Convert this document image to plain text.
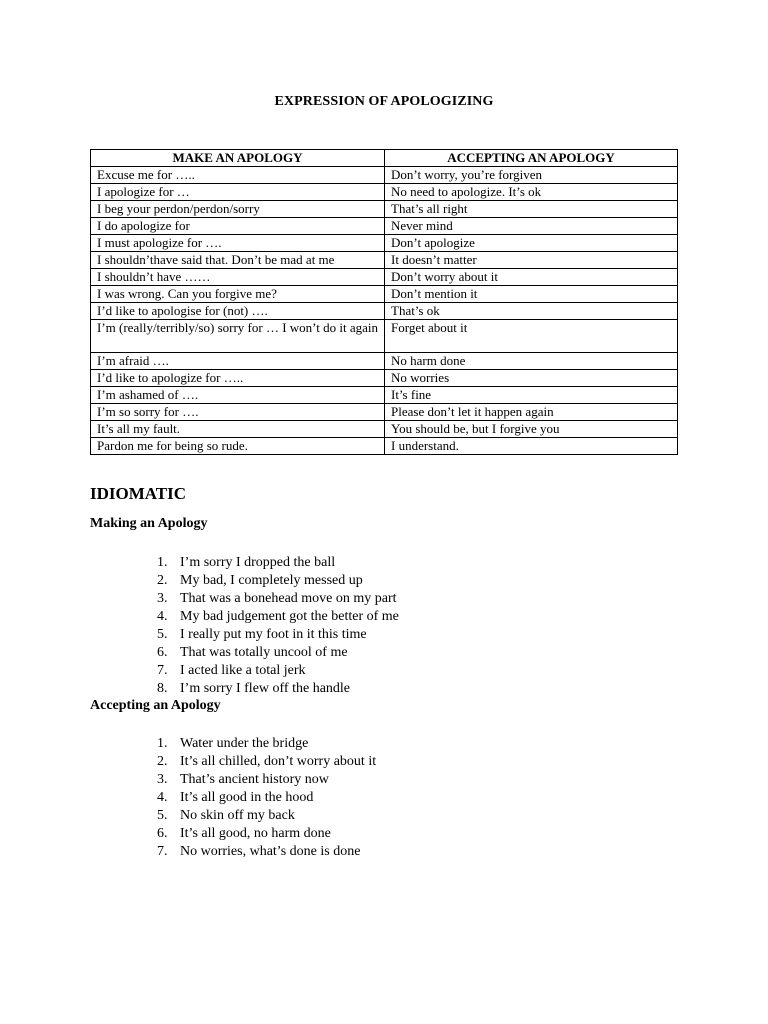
EXPRESSION OF APOLOGIZING
MAKE AN APOLOGY	ACCEPTING AN APOLOGY
Excuse me for …..	Don’t worry, you’re forgiven
I apologize for …	No need to apologize. It’s ok
I beg your perdon/perdon/sorry	That’s all right
I do apologize for	Never mind
I must apologize for ….	Don’t apologize
I shouldn’thave said that. Don’t be mad at me	It doesn’t matter
I shouldn’t have ……	Don’t worry about it
I was wrong. Can you forgive me?	Don’t mention it
I’d like to apologise for (not) ….	That’s ok
I’m (really/terribly/so) sorry for … I won’t do it again	Forget about it
I’m afraid ….	No harm done
I’d like to apologize for …..	No worries
I’m ashamed of ….	It’s fine
I’m so sorry for ….	Please don’t let it happen again
It’s all my fault.	You should be, but I forgive you
Pardon me for being so rude.	I understand.
IDIOMATIC
Making an Apology
1. I’m sorry I dropped the ball
2. My bad, I completely messed up
3. That was a bonehead move on my part
4. My bad judgement got the better of me
5. I really put my foot in it this time
6. That was totally uncool of me
7. I acted like a total jerk
8. I’m sorry I flew off the handle
Accepting an Apology
1. Water under the bridge
2. It’s all chilled, don’t worry about it
3. That’s ancient history now
4. It’s all good in the hood
5. No skin off my back
6. It’s all good, no harm done
7. No worries, what’s done is done
